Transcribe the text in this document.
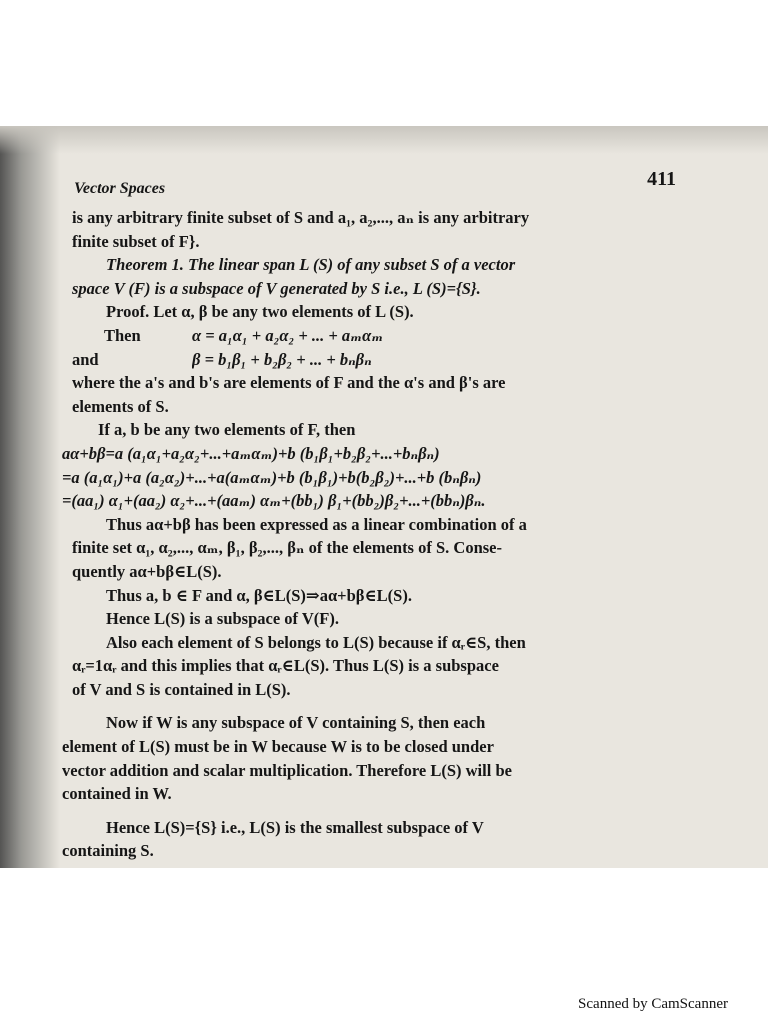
Vector Spaces	411
is any arbitrary finite subset of S and a₁, a₂,..., aₙ is any arbitrary
finite subset of F}.
Theorem 1. The linear span L (S) of any subset S of a vector
space V (F) is a subspace of V generated by S i.e., L (S)={S}.
Proof. Let α, β be any two elements of L (S).
Then	α = a₁α₁ + a₂α₂ + ... + aₘαₘ
and	β = b₁β₁ + b₂β₂ + ... + bₙβₙ
where the a's and b's are elements of F and the α's and β's are
elements of S.
If a, b be any two elements of F, then
aα+bβ=a (a₁α₁+a₂α₂+...+aₘαₘ)+b (b₁β₁+b₂β₂+...+bₙβₙ)
=a (a₁α₁)+a (a₂α₂)+...+a(aₘαₘ)+b (b₁β₁)+b(b₂β₂)+...+b (bₙβₙ)
=(aa₁) α₁+(aa₂) α₂+...+(aaₘ) αₘ+(bb₁) β₁+(bb₂)β₂+...+(bbₙ)βₙ.
Thus aα+bβ has been expressed as a linear combination of a
finite set α₁, α₂,..., αₘ, β₁, β₂,..., βₙ of the elements of S. Conse-
quently aα+bβ∈L(S).
Thus a, b ∈ F and α, β∈L(S)⇒aα+bβ∈L(S).
Hence L(S) is a subspace of V(F).
Also each element of S belongs to L(S) because if αᵣ∈S, then
αᵣ=1αᵣ and this implies that αᵣ∈L(S). Thus L(S) is a subspace
of V and S is contained in L(S).
Now if W is any subspace of V containing S, then each
element of L(S) must be in W because W is to be closed under
vector addition and scalar multiplication. Therefore L(S) will be
contained in W.
Hence L(S)={S} i.e., L(S) is the smallest subspace of V
containing S.
Scanned by CamScanner
